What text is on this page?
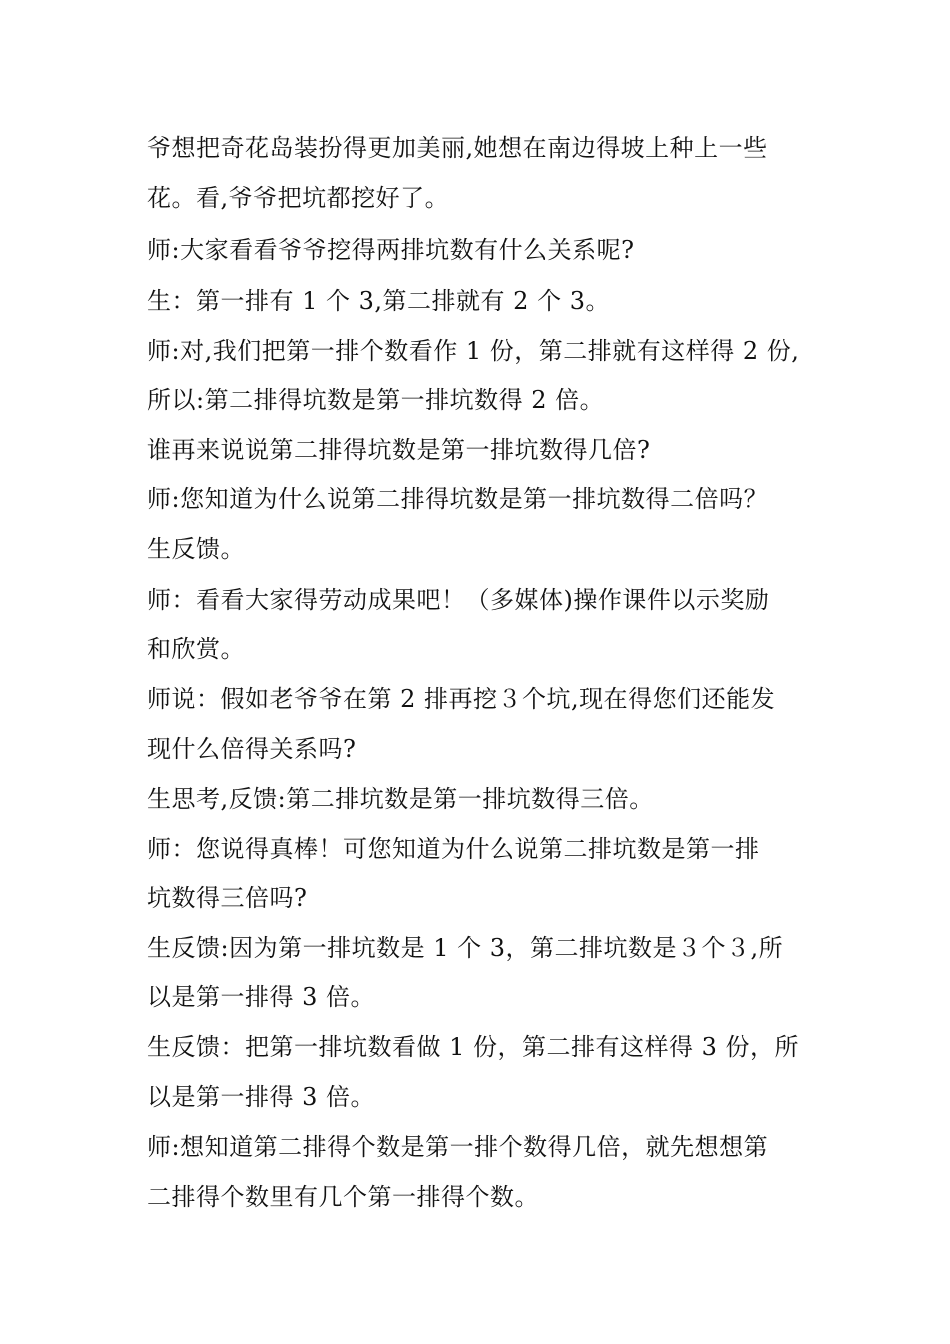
爷想把奇花岛装扮得更加美丽,她想在南边得坡上种上一些
花。看,爷爷把坑都挖好了。
师:大家看看爷爷挖得两排坑数有什么关系呢?
生：第一排有 1 个 3,第二排就有 2 个 3。
师:对,我们把第一排个数看作 1 份，第二排就有这样得 2 份,
所以:第二排得坑数是第一排坑数得 2 倍。
谁再来说说第二排得坑数是第一排坑数得几倍?
师:您知道为什么说第二排得坑数是第一排坑数得二倍吗？
生反馈。
师：看看大家得劳动成果吧！（多媒体)操作课件以示奖励
和欣赏。
师说：假如老爷爷在第 2 排再挖３个坑,现在得您们还能发
现什么倍得关系吗?
生思考,反馈:第二排坑数是第一排坑数得三倍。
师：您说得真棒！可您知道为什么说第二排坑数是第一排
坑数得三倍吗?
生反馈:因为第一排坑数是 1 个 3，第二排坑数是３个３,所
以是第一排得 3 倍。
生反馈：把第一排坑数看做 1 份，第二排有这样得 3 份，所
以是第一排得 3 倍。
师:想知道第二排得个数是第一排个数得几倍，就先想想第
二排得个数里有几个第一排得个数。
